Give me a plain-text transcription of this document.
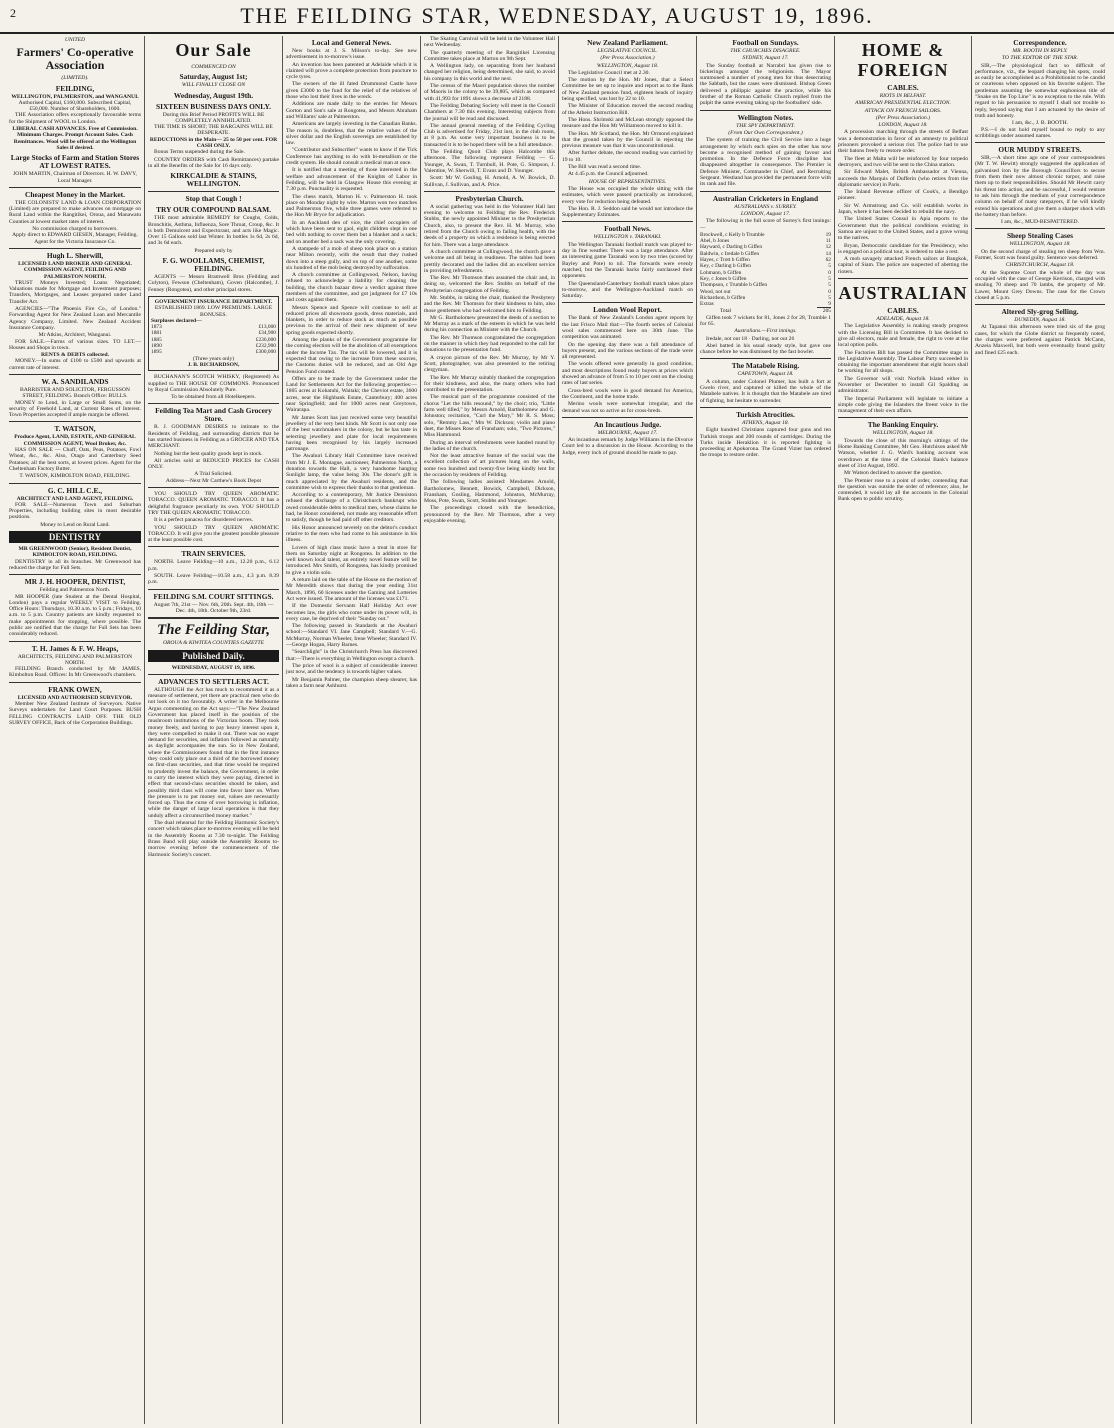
2	THE FEILDING STAR, WEDNESDAY, AUGUST 19, 1896.
UNITED
Farmers' Co-operative Association
(LIMITED).
FEILDING,
WELLINGTON, PALMERSTON, and WANGANUI.
Authorised Capital, £160,000. Subscribed Capital, £50,000. Number of Shareholders, 1600.

THE Association offers exceptionally favourable terms for the Shipment of WOOL to London.

LIBERAL CASH ADVANCES. Free of Commission. Minimum Charges. Prompt Account Sales. Cash Remittances. Wool will be offered at the Wellington Sales if desired.
Large Stocks of Farm and Station Stores AT LOWEST RATES.
JOHN MARTIN, Chairman of Directors. H. W. DAVY, Local Manager.
Cheapest Money in the Market.

THE COLONISTS' LAND & LOAN CORPORATION (Limited) are prepared to make advances on mortgage on Rural Land within the Rangitikei, Oroua, and Manawatu Counties at lowest market rates of interest.

No commission charged to borrowers.
Apply direct to EDWARD GIESEN, Manager, Feilding.
Agent for the Victoria Insurance Co.
Hugh L. Sherwill,
LICENSED LAND BROKER AND GENERAL COMMISSION AGENT, FEILDING AND PALMERSTON NORTH.

TRUST Moneys Invested; Loans Negotiated; Valuations made for Mortgage and Investment purposes; Transfers, Mortgages, and Leases prepared under Land Transfer Act.

AGENCIES—"The Phoenix Fire Co., of London." Forwarding Agent for New Zealand Loan and Mercantile Agency Company, Limited. New Zealand Accident Insurance Company.

Mr Atkins, Architect, Wanganui.

FOR SALE.—Farms of various sizes. TO LET.—Houses and Shops in town.

RENTS & DEBTS collected.

MONEY.—In sums of £100 to £500 and upwards at current rate of interest.

W. A. SANDILANDS
BARRISTER AND SOLICITOR, FERGUSSON STREET, FEILDING. Branch Office: BULLS.

MONEY to Lend, in Large or Small Sums, on the security of Freehold Land, at Current Rates of Interest. Town Properties accepted if ample margin be offered.

T. WATSON,
Produce Agent, LAND, ESTATE, AND GENERAL COMMISSION AGENT, Wool Broker, &c.

HAS ON SALE — Chaff, Oats, Peas, Potatoes, Fowl Wheat, &c., &c. Also, Otago and Canterbury Seed Potatoes; all the best sorts, at lowest prices. Agent for the Cheltenham Factory Butter.

T. WATSON, KIMBOLTON ROAD, FEILDING.
G. C. HILL C.E.,
ARCHITECT AND LAND AGENT, FEILDING.

FOR SALE—Numerous Town and Suburban Properties, including building sites in most desirable positions.

Money to Lend on Rural Land.
DENTISTRY
MR GREENWOOD (Senior), Resident Dentist, KIMBOLTON ROAD, FEILDING.

DENTISTRY in all its branches. Mr Greenwood has reduced the charge for Full Sets.

MR J. H. HOOPER, DENTIST,
Feilding and Palmerston North.

MR HOOPER (late Student at the Dental Hospital, London) pays a regular WEEKLY VISIT to Feilding. Office Hours: Thursdays, 10.30 a.m. to 5 p.m.; Fridays, 10 a.m. to 5 p.m. Country patients are kindly requested to make appointments for stopping, where possible. The public are notified that the charge for Full Sets has been considerably reduced.

T. H. James & F. W. Heaps,
ARCHITECTS, FEILDING AND PALMERSTON NORTH.

FEILDING Branch conducted by Mr JAMES, Kimbolton Road. Offices: In Mr Greenwood's chambers.

FRANK OWEN,
LICENSED AND AUTHORISED SURVEYOR.

Member New Zealand Institute of Surveyors. Native Surveys undertaken for Land Court Purposes. BUSH FELLING CONTRACTS LAID OFF. THE OLD SURVEY OFFICE, Back of the Corporation Buildings.

Our Sale
COMMENCED ON
Saturday, August 1st;
WILL FINALLY CLOSE ON
Wednesday, August 19th.
SIXTEEN BUSINESS DAYS ONLY.
During this Brief Period PROFITS WILL BE COMPLETELY ANNIHILATED.
THE TIME IS SHORT; THE BARGAINS WILL BE DESPERATE.
REDUCTIONS in the Main— 25 to 50 per cent. FOR CASH ONLY.

Bonus Terms suspended during the Sale.

COUNTRY ORDERS with Cash Remittances) partake in all the Benefits of the Sale for 16 days only.

KIRKCALDIE & STAINS, WELLINGTON.
Stop that Cough !
TRY OUR COMPOUND BALSAM.

THE most admirable REMEDY for Coughs, Colds, Bronchitis, Asthma, Influenza, Sore Throat, Croup, &c. It is both Demulcent and Expectorant, and acts like Magic. Over 15 Gallons sold last Winter. In bottles 1s 6d, 2s 6d, and 3s 6d each.

Prepared only by
F. G. WOOLLAMS, CHEMIST, FEILDING.

AGENTS — Messrs Bramwell Bros (Feilding and Colyton), Fewson (Cheltenham), Goven (Halcombe), J. Fenney (Rongotea), and other principal stores.

GOVERNMENT INSURANCE DEPARTMENT.
ESTABLISHED 1869. LOW PREMIUMS. LARGE BONUSES.
Surpluses declared—
1873	£13,000
1881	£34,900
1885	£236,000
1890	£232,900
1895	£300,000
(Three years only)
J. B. RICHARDSON,

BUCHANAN'S SCOTCH WHISKY, (Registered) As supplied to THE HOUSE OF COMMONS. Pronounced by Royal Commission Absolutely Pure.

To be obtained from all Hotelkeepers.
Feilding Tea Mart and Cash Grocery Store.

R. J. GOODMAN DESIRES to intimate to the Residents of Feilding, and surrounding districts that he has started business in Feilding as a GROCER AND TEA MERCHANT.

Nothing but the best quality goods kept in stock.

All articles sold at REDUCED PRICES for CASH ONLY.

A Trial Solicited.
Address—Next Mr Carthew's Book Depot

YOU SHOULD TRY QUEEN AROMATIC TOBACCO. QUEEN AROMATIC TOBACCO. It has a delightful fragrance peculiarly its own. YOU SHOULD TRY THE QUEEN AROMATIC TOBACCO.

It is a perfect panacea for disordered nerves.

YOU SHOULD TRY QUEEN AROMATIC TOBACCO. It will give you the greatest possible pleasure at the least possible cost.

TRAIN SERVICES.

NORTH. Leave Feilding—10 a.m., 12.20 p.m., 6.12 p.m.

SOUTH. Leave Feilding—10.58 a.m., 4.3 p.m. 8.39 p.m.

FEILDING S.M. COURT SITTINGS.
August 7th, 21st — Nov. 6th, 20th. Sept. 4th, 18th — Dec. 4th, 18th. October 9th, 23rd.
The Feilding Star,
OROUA & KIWITEA COUNTIES GAZETTE
Published Daily.
WEDNESDAY, AUGUST 19, 1896.
ADVANCES TO SETTLERS ACT.

ALTHOUGH the Act has much to recommend it as a measure of settlement, yet there are practical men who do not look on it too favourably. A writer in the Melbourne Argus commenting on the Act says:—"The New Zealand Government has placed itself in the position of the mushroom institutions of the Victorian boom. They took money freely, and having to pay heavy interest upon it, they were compelled to make it out. There was no eager demand for securities, and inflation followed as naturally as daylight accompanies the sun. So in New Zealand, where the Commissioners found that in the first instance they could only place out a third of the borrowed money on first-class securities, and that time would be required to prudently invest the balance, the Government, in order to carry the interest which they were paying, directed in effect that second-class securities should be taken, and possibly third class will come into favor later on. When the pressure is to put money out, values are necessarily forced up. Thus the curse of over borrowing is inflation, while the danger of large local operations is that they unduly affect a circumscribed money market."

The dual rehearsal for the Feilding Harmonic Society's concert which takes place to-morrow evening will be held in the Assembly Rooms at 7.30 to-night. The Feilding Brass Band will play outside the Assembly Rooms to-morrow evening before the commencement of the Harmonic Society's concert.

Local and General News.

New books at J. S. Milson's to-day. See new advertisement in to-morrow's issue.

An invention has been patented at Adelaide which it is claimed will prove a complete protection from puncture to cycle tyres.

The owners of the ill fated Drummond Castle have given £3000 to the fund for the relief of the relatives of those who lost their lives in the wreck.

Additions are made daily to the entries for Messrs Gorton and Son's sale at Rongotea, and Messrs Abraham and Williams' sale at Palmerston.

Americans are largely investing in the Canadian Banks. The reason is, doubtless, that the relative values of the silver dollar and the English sovereign are established by law.

"Contributor and Subscriber" wants to know if the Tick Conference has anything to do with bi-metallism or the credit system. He should consult a medical man at once.

It is notified that a meeting of those interested in the welfare and advancement of the Knights of Labor in Feilding, will be held in Glasgow House this evening at 7.30 p.m. Punctuality is requested.

The chess match, Marton H. v. Palmerston H. took place on Monday night by wire. Marton won two matches and Palmerston five, while three games were referred to the Hon Mr Bryce for adjudication.

In an Auckland den of vice, the chief occupiers of which have been sent to gaol, eight children slept in one bed with nothing to cover them but a blanket and a sack; and on another bed a sack was the only covering.

A stampede of a mob of sheep took place on a station near Milton recently, with the result that they rushed down into a steep gully, and on top of one another, some six hundred of the mob being destroyed by suffocation.

A church committee at Collingwood, Nelson, having refused to acknowledge a liability for cleaning the building, the church bazaar drew a verdict against three members of the committee, and got judgment for £7 10s and costs against them.

Messrs Spence and Spence will continue to sell at reduced prices all showroom goods, dress materials, and blankets, in order to reduce stock as much as possible previous to the arrival of their new shipment of new spring goods expected shortly.

Among the planks of the Government programme for the coming election will be the abolition of all exemptions under the Income Tax. The tax will be lowered, and it is expected that owing to the increase from these sources, the Customs duties will be reduced, and an Old Age Pension Fund created.

Offers are to be made by the Government under the Land for Settlements Act for the following properties:—1805 acres at Kohatuhi, Waitaki; the Cheviot estate, 3600 acres, near the Highbank Estate, Canterbury; 400 acres near Springfield; and for 1000 acres near Greytown, Wairarapa.

Mr James Scott has just received some very beautiful jewellery of the very best kinds. Mr Scott is not only one of the best watchmakers in the colony, but he has taste in selecting jewellery and plate for local requirements having been recognised by his largely increased patronage.

The Awahuri Library Hall Committee have received from Mr J. E. Montague, auctioneer, Palmerston North, a donation towards the Hall, a very handsome hanging Sunlight lamp, the value being 30s. The donor's gift is much appreciated by the Awahuri residents, and the committee wish to express their thanks to that gentleman.

According to a contemporary, Mr Justice Denniston refused the discharge of a Christchurch bankrupt who owed considerable debts to medical men, whose claims he had, he Honor considered, not made any reasonable effort to satisfy, though he had paid off other creditors.

His Honor announced severely on the debtor's conduct relative to the men who had come to his assistance in his illness.

Lovers of high class music have a treat in store for them on Saturday night at Rongotea. In addition to the well known local talent, an entirely novel feature will be introduced. Mrs Smith, of Rongotea, has kindly promised to give a violin solo.

A return laid on the table of the House on the motion of Mr Meredith shows that during the year ending 31st March, 1896, 60 licenses under the Gaming and Lotteries Act were issued. The amount of the licenses was £171.

If the Domestic Servants Half Holiday Act ever becomes law, the girls who come under its power will, in every case, be deprived of their "Sunday out."

The following passed in Standards at the Awahuri school:—Standard VI. Jane Campbell; Standard V.—G. McMurray, Norman Wheeler, Irene Wheeler; Standard IV.—George Hogan, Harry Barnes.

"Searchlight" in the Christchurch Press has discovered that:—There is everything in Wellington except a church.

The price of wool is a subject of considerable interest just now, and the tendency is towards higher values.

Mr Benjamin Palmer, the champion sheep shearer, has taken a farm near Ashhurst.

The Skating Carnival will be held in the Volunteer Hall next Wednesday.

The quarterly meeting of the Rangitikei Licensing Committee takes place at Marton on 9th Sept.

A Wellington lady, on separating from her husband changed her religion, being determined, she said, to avoid his company in this world and the next.

The census of the Maori population shows the number of Maoris in the colony to be 39,805, which as compared with 41,993 for 1891 shows a decrease of 2188.

The Feilding Debating Society will meet in the Council Chambers at 7.30 this evening. Interesting subjects from the journal will be read and discussed.

The annual general meeting of the Feilding Cycling Club is advertised for Friday, 21st inst, in the club room, at 8 p.m. As some very important business is to be transacted it is to be hoped there will be a full attendance.

The Feilding Quoit Club plays Halcombe this afternoon. The following represent Feilding — G. Younger, A. Swan, T. Turnbull, H. Pote, G. Simpson, J. Valentine, W. Sherwill, T. Evans and D. Younger.

Scott: Mr W. Gosling, H. Arnold, A. W. Bowick, D. Sullivan, J. Sullivan, and A. Price.

Presbyterian Church.

A social gathering was held in the Volunteer Hall last evening to welcome to Feilding the Rev. Frederick Stubbs, the newly appointed Minister to the Presbyterian Church, also, to present the Rev. H. M. Murray, who retired from the Church owing to failing health, with the deeds of a property on which a residence is being erected for him. There was a large attendance.

A church committee at Collingwood, the church gave a welcome and all being in readiness. The tables had been prettily decorated and the ladies did an excellent service in providing refreshments.

The Rev. Mr Thomson then assumed the chair and, in doing so, welcomed the Rev. Stubbs on behalf of the Presbyterian congregation of Feilding.

Mr. Stubbs, in taking the chair, thanked the Presbytery and the Rev. Mr Thomson for their kindness to him, also those gentlemen who had welcomed him to Feilding.

Mr G. Bartholomew presented the deeds of a section to Mr Murray as a mark of the esteem in which he was held during his connection as Minister with the Church.

The Rev. Mr Thomson congratulated the congregation on the manner in which they had responded to the call for donations to the presentation fund.

A crayon picture of the Rev. Mr Murray, by Mr Y. Scott, photographer, was also presented to the retiring clergyman.

The Rev. Mr Murray suitably thanked the congregation for their kindness, and also, the many others who had contributed to the presentation.

The musical part of the programme consisted of the chorus "Let the hills resound," by the choir; trio, "Little farm well tilled," by Messrs Arnold, Bartholomew and G. Johnston; recitation, "Curl the Mary," Mr R. S. Moss; solo, "Remmy Lass," Mrs W. Dickson; violin and piano duet, the Misses Rose of Fransham; solo, "Two Pictures," Miss Hammond.

During an interval refreshments were handed round by the ladies of the church.

Not the least attractive feature of the social was the excellent collection of art pictures hung on the walls, some two hundred and twenty-five being kindly lent for the occasion by residents of Feilding.

The following ladies assisted: Mesdames Arnold, Bartholomew, Bennett, Bowick, Campbell, Dickson, Fransham, Gosling, Hammond, Johnston, McMurray, Moss, Pote, Swan, Scott, Stubbs and Younger.

The proceedings closed with the benediction, pronounced by the Rev. Mr Thomson, after a very enjoyable evening.

New Zealand Parliament.
LEGISLATIVE COUNCIL.
(Per Press Association.)
WELLINGTON, August 18.

The Legislative Council met at 2.30.

The motion by the Hon. Mr Jones, that a Select Committee be set up to inquire and report as to the Bank of New Zealand pension fund, eighteen heads of inquiry being specified, was lost by 22 to 10.

The Minister of Education moved the second reading of the Atheist Instruction Bill.

The Hons. Shrimski and McLean strongly opposed the measure and the Hon Mr Williamson moved to kill it.

The Hon. Mr Scotland, the Hon. Mr Ormond explained that the ground taken by the Council in rejecting the previous measure was that it was unconstitutional.

After further debate, the second reading was carried by 19 to 10.

The Bill was read a second time.

At 4.45 p.m. the Council adjourned.

HOUSE OF REPRESENTATIVES.

The House was occupied the whole sitting with the estimates, which were passed practically as introduced, every vote for reduction being defeated.

The Hon. R. J. Seddon said he would not introduce the Supplementary Estimates.

Football News.
WELLINGTON v. TARANAKI.

The Wellington Taranaki football match was played to-day in fine weather. There was a large attendance. After an interesting game Taranaki won by two tries (scored by Bayley and Pote) to nil. The forwards were evenly matched, but the Taranaki backs fairly outclassed their opponents.

The Queensland-Canterbury football match takes place to-morrow, and the Wellington-Auckland match on Saturday.

London Wool Report.

The Bank of New Zealand's London agent reports by the last Frisco Mail that:—The fourth series of Colonial wool sales commenced here on 30th June. The competition was animated.

On the opening day there was a full attendance of buyers present, and the various sections of the trade were all represented.

The wools offered were generally in good condition, and most descriptions found ready buyers at prices which showed an advance of from 5 to 10 per cent on the closing rates of last series.

Cross-bred wools were in good demand for America, the Continent, and the home trade.

Merino wools were somewhat irregular, and the demand was not so active as for cross-breds.

An Incautious Judge.
MELBOURNE, August 17.

An incautious remark by Judge Williams in the Divorce Court led to a discussion in the House. According to the Judge, every inch of ground should be made to pay.

Football on Sundays.
THE CHURCHES DISAGREE.
SYDNEY, August 17.

The Sunday football at Narrabri has given rise to bickerings amongst the religionists. The Mayor summoned a number of young men for thus desecrating the Sabbath, but the cases were dismissed. Bishop Green delivered a philippic against the practice, while his brother of the Roman Catholic Church replied from the pulpit the same evening taking up the footballers' side.

Wellington Notes.
THE SPY DEPARTMENT.
(From Our Own Correspondent.)

The system of training the Civil Service into a huge arrangement by which each spies on the other has now become a recognised method of gaining favour and promotion. In the Defence Force discipline has disappeared altogether in consequence. The Premier is Defence Minister, Commander in Chief, and Recruiting Sergeant. Westland has provided the permanent force with its rank and file.

Australian Cricketers in England
AUSTRALIANS v. SURREY.
LONDON, August 17.

The following is the full score of Surrey's first innings:—

Brockwell, c Kelly b Trumble	19
Abel, b Jones	11
Hayward, c Darling b Giffen	12
Baldwin, c Iredale b Giffen	14
Hayes, c Trott b Giffen	62
Key, c Darling b Giffen	5
Lohmann, b Giffen	0
Key, c Jones b Giffen	5
Thompson, c Trumble b Giffen	5
Wood, not out	0
Richardson, b Giffen	5
Extras	9
Total	205

Giffen took 7 wickets for 81, Jones 2 for 28, Trumble 1 for 65.

Australians.—First innings.

Iredale, not out 18 · Darling, not out 26

Abel batted in his usual steady style, but gave one chance before he was dismissed by the fast bowler.

The Matabele Rising.
CAPETOWN, August 18.

A column, under Colonel Plumer, has built a fort at Gwelo river, and captured or killed the whole of the Matabele natives. It is thought that the Matabele are tired of fighting, but hesitate to surrender.

Turkish Atrocities.
ATHENS, August 18.

Eight hundred Christians captured four guns and ten Turkish troops and 200 rounds of cartridges. During the Turks inside Heraklion it is reported fighting is proceeding at Apokorona. The Grand Vizier has ordered the troops to restore order.

HOME & FOREIGN
CABLES.
RIOTS IN BELFAST.
AMERICAN PRESIDENTIAL ELECTION.
ATTACK ON FRENCH SAILORS.
(Per Press Association.)
LONDON, August 18.

A procession marching through the streets of Belfast was a demonstration in favor of an amnesty to political prisoners provoked a serious riot. The police had to use their batons freely to restore order.

The fleet at Malta will be reinforced by four torpedo destroyers, and two will be sent to the China station.

Sir Edward Malet, British Ambassador at Vienna, succeeds the Marquis of Dufferin (who retires from the diplomatic service) in Paris.

The Inland Revenue officer of Cook's, a Bendigo pioneer.

Sir W. Armstrong and Co. will establish works in Japan, where it has been decided to rebuild the navy.

The United States Consul in Apia reports to the Government that the political conditions existing in Samoa are unjust to the United States, and a grave wrong to the natives.

Bryan, Democratic candidate for the Presidency, who is engaged on a political tour, is ordered to take a rest.

A mob savagely attacked French sailors at Bangkok, capital of Siam. The police are suspected of abetting the rioters.

AUSTRALIAN
CABLES.
ADELAIDE, August 18.

The Legislative Assembly is making steady progress with the Licensing Bill in Committee. It has decided to give all electors, male and female, the right to vote at the local option polls.

The Factories Bill has passed the Committee stage in the Legislative Assembly. The Labour Party succeeded in obtaining the important amendment that eight hours shall be working for all shops.

The Governor will visit Norfolk Island either in November or December to install Gil Spalding as administrator.

The Imperial Parliament will legislate to initiate a simple code giving the Islanders the freest voice in the management of their own affairs.

The Banking Enquiry.
WELLINGTON, August 18.

Towards the close of this morning's sittings of the Home Banking Committee, Mr Geo. Hutchison asked Mr Watson, whether J. G. Ward's banking account was overdrawn at the time of the Colonial Bank's balance sheet of 31st August, 1892.

Mr Watson declined to answer the question.

The Premier rose to a point of order, contending that the question was outside the order of reference; also, he contended, it would lay all the accounts in the Colonial Bank open to public scrutiny.

Correspondence.
MR. BOOTH IN REPLY.
TO THE EDITOR OF THE STAR.

SIR,—The physiological fact so difficult of performance, viz., the leopard changing his spots, could as easily be accomplished as a Prohibitionist to be candid or courteous when opposed on his favorite subject. The gentleman assuming the somewhat euphonious title of "Snake on the Top Line" is no exception to the rule. With regard to his persuasion to myself I shall not trouble to reply, beyond saying that I am actuated by the desire of truth and honesty.

I am, &c., J. B. BOOTH.

P.S.—I do not hold myself bound to reply to any scribblings under assumed names.

OUR MUDDY STREETS.

SIR,—A short time ago one of your correspondents (Mr T. W. Hewitt) strongly suggested the application of galvanised iron by the Borough Councillors to secure from them their now almost chronic torpor, and raise them up to their responsibilities. Should Mr Hewitt carry his threat into action, and be successful, I would venture to ask him through the medium of your correspondence column on behalf of many ratepayers, if he will kindly extend his operations and give them a sharper shock with the battery than before.

I am, &c., MUD-BESPATTERED.
Sheep Stealing Cases
WELLINGTON, August 18.

On the second charge of stealing ten sheep from Wm. Farmer, Scott was found guilty. Sentence was deferred.

CHRISTCHURCH, August 18.

At the Supreme Court the whole of the day was occupied with the case of George Kerrison, charged with stealing 70 sheep and 70 lambs, the property of Mr. Lawer, Mount Grey Downs. The case for the Crown closed at 5 p.m.

Altered Sly-grog Selling.
DUNEDIN, August 18.

At Tapanui this afternoon were tried six of the grog cases, for which the Globe district so frequently noted, the charges were preferred against Patrick McCann, Anzeia Maxwell, but both were eventually found guilty and fined £25 each.
